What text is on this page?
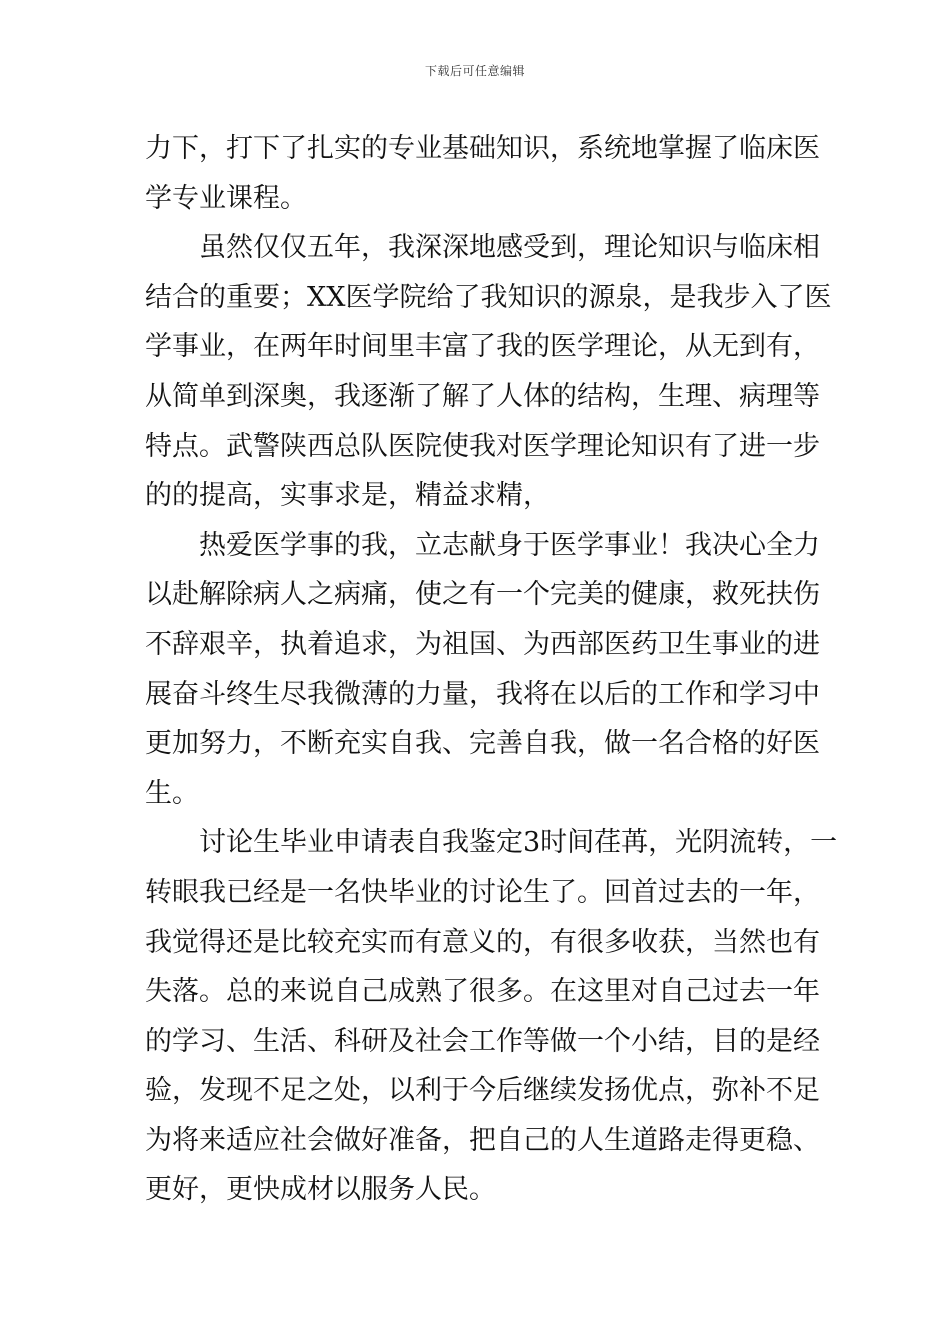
下载后可任意编辑
力下，打下了扎实的专业基础知识，系统地掌握了临床医
学专业课程。
　　虽然仅仅五年，我深深地感受到，理论知识与临床相
结合的重要；XX医学院给了我知识的源泉，是我步入了医
学事业，在两年时间里丰富了我的医学理论，从无到有，
从简单到深奥，我逐渐了解了人体的结构，生理、病理等
特点。武警陕西总队医院使我对医学理论知识有了进一步
的的提高，实事求是，精益求精，
　　热爱医学事的我，立志献身于医学事业！我决心全力
以赴解除病人之病痛，使之有一个完美的健康，救死扶伤
不辞艰辛，执着追求，为祖国、为西部医药卫生事业的进
展奋斗终生尽我微薄的力量，我将在以后的工作和学习中
更加努力，不断充实自我、完善自我，做一名合格的好医
生。
　　讨论生毕业申请表自我鉴定3时间荏苒，光阴流转，一
转眼我已经是一名快毕业的讨论生了。回首过去的一年，
我觉得还是比较充实而有意义的，有很多收获，当然也有
失落。总的来说自己成熟了很多。在这里对自己过去一年
的学习、生活、科研及社会工作等做一个小结，目的是经
验，发现不足之处，以利于今后继续发扬优点，弥补不足
为将来适应社会做好准备，把自己的人生道路走得更稳、
更好，更快成材以服务人民。
